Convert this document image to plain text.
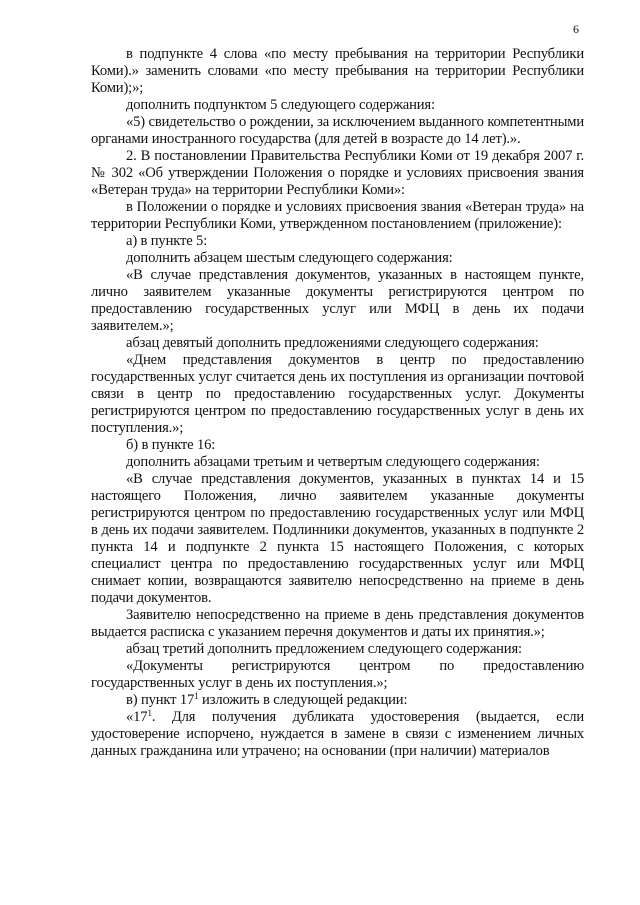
6

в подпункте 4 слова «по месту пребывания на территории Республики Коми).» заменить словами «по месту пребывания на территории Республики Коми);»;

дополнить подпунктом 5 следующего содержания:

«5) свидетельство о рождении, за исключением выданного компетентными органами иностранного государства (для детей в возрасте до 14 лет).».

2. В постановлении Правительства Республики Коми от 19 декабря 2007 г. № 302 «Об утверждении Положения о порядке и условиях присвоения звания «Ветеран труда» на территории Республики Коми»:

в Положении о порядке и условиях присвоения звания «Ветеран труда» на территории Республики Коми, утвержденном постановлением (приложение):

а) в пункте 5:

дополнить абзацем шестым следующего содержания:

«В случае представления документов, указанных в настоящем пункте, лично заявителем указанные документы регистрируются центром по предоставлению государственных услуг или МФЦ в день их подачи заявителем.»;

абзац девятый дополнить предложениями следующего содержания:

«Днем представления документов в центр по предоставлению государственных услуг считается день их поступления из организации почтовой связи в центр по предоставлению государственных услуг. Документы регистрируются центром по предоставлению государственных услуг в день их поступления.»;

б) в пункте 16:

дополнить абзацами третьим и четвертым следующего содержания:

«В случае представления документов, указанных в пунктах 14 и 15 настоящего Положения, лично заявителем указанные документы регистрируются центром по предоставлению государственных услуг или МФЦ в день их подачи заявителем. Подлинники документов, указанных в подпункте 2 пункта 14 и подпункте 2 пункта 15 настоящего Положения, с которых специалист центра по предоставлению государственных услуг или МФЦ снимает копии, возвращаются заявителю непосредственно на приеме в день подачи документов.

Заявителю непосредственно на приеме в день представления документов выдается расписка с указанием перечня документов и даты их принятия.»;

абзац третий дополнить предложением следующего содержания:

«Документы регистрируются центром по предоставлению государственных услуг в день их поступления.»;

в) пункт $17^1$ изложить в следующей редакции:

«$17^1$. Для получения дубликата удостоверения (выдается, если удостоверение испорчено, нуждается в замене в связи с изменением личных данных гражданина или утрачено; на основании (при наличии) материалов
